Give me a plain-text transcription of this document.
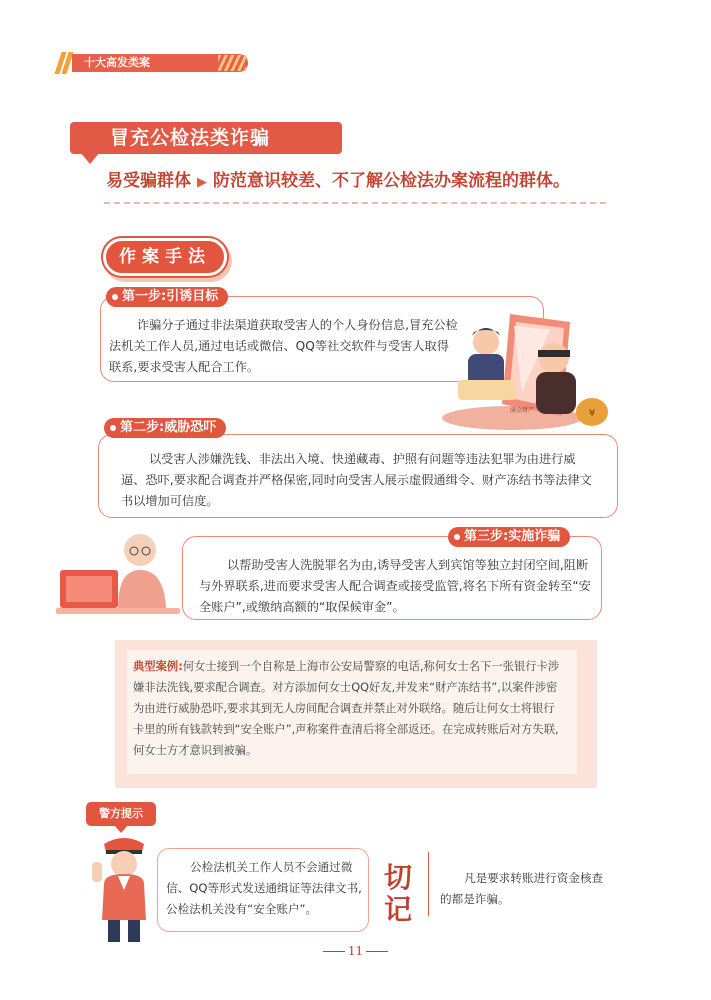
十大高发类案
冒充公检法类诈骗
易受骗群体 ▶ 防范意识较差、不了解公检法办案流程的群体。
作案手法
诈骗分子通过非法渠道获取受害人的个人身份信息,冒充公检法机关工作人员,通过电话或微信、QQ等社交软件与受害人取得联系,要求受害人配合工作。
第一步:引诱目标
¥
满金财产
以受害人涉嫌洗钱、非法出入境、快递藏毒、护照有问题等违法犯罪为由进行威逼、恐吓,要求配合调查并严格保密,同时向受害人展示虚假通缉令、财产冻结书等法律文书以增加可信度。
第二步:威胁恐吓
以帮助受害人洗脱罪名为由,诱导受害人到宾馆等独立封闭空间,阻断与外界联系,进而要求受害人配合调查或接受监管,将名下所有资金转至“安全账户”,或缴纳高额的“取保候审金”。
第三步:实施诈骗
典型案例:何女士接到一个自称是上海市公安局警察的电话,称何女士名下一张银行卡涉嫌非法洗钱,要求配合调查。对方添加何女士QQ好友,并发来“财产冻结书”,以案件涉密为由进行威胁恐吓,要求其到无人房间配合调查并禁止对外联络。随后让何女士将银行卡里的所有钱款转到“安全账户”,声称案件查清后将全部返还。在完成转账后对方失联,何女士方才意识到被骗。
警方提示
公检法机关工作人员不会通过微信、QQ等形式发送通缉证等法律文书,公检法机关没有“安全账户”。
切记
凡是要求转账进行资金核查的都是诈骗。
11
